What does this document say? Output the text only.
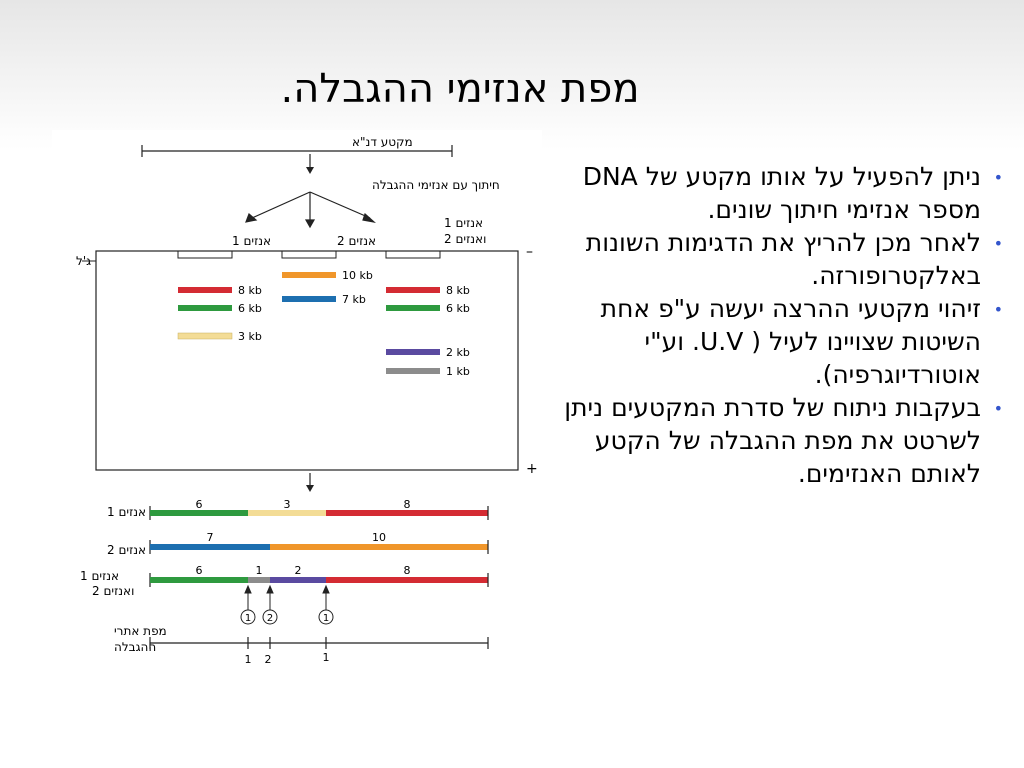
מפת אנזימי ההגבלה.
מקטע דנ"א
חיתוך עם אנזימי ההגבלה
אנזים 1	אנזים 2
אנזים 1
ואנזים 2
ג'ל
–
+
8 kb
6 kb
3 kb
10 kb
7 kb
8 kb
6 kb
2 kb
1 kb
אנזים 1
6	3	8
אנזים 2
7	10
אנזים 1
ואנזים 2
6	1	2	8
1 2	1
מפת אתרי
ההגבלה
1 2	1
•
ניתן להפעיל על אותו מקטע של DNA מספר אנזימי חיתוך שונים.
•
לאחר מכן להריץ את הדגימות השונות באלקטרופורזה.
•
זיהוי מקטעי ההרצה יעשה ע"פ אחת השיטות שצויינו לעיל ( U.V. וע"י אוטורדיוגרפיה).
•
בעקבות ניתוח של סדרת המקטעים ניתן לשרטט את מפת ההגבלה של הקטע לאותם האנזימים.
